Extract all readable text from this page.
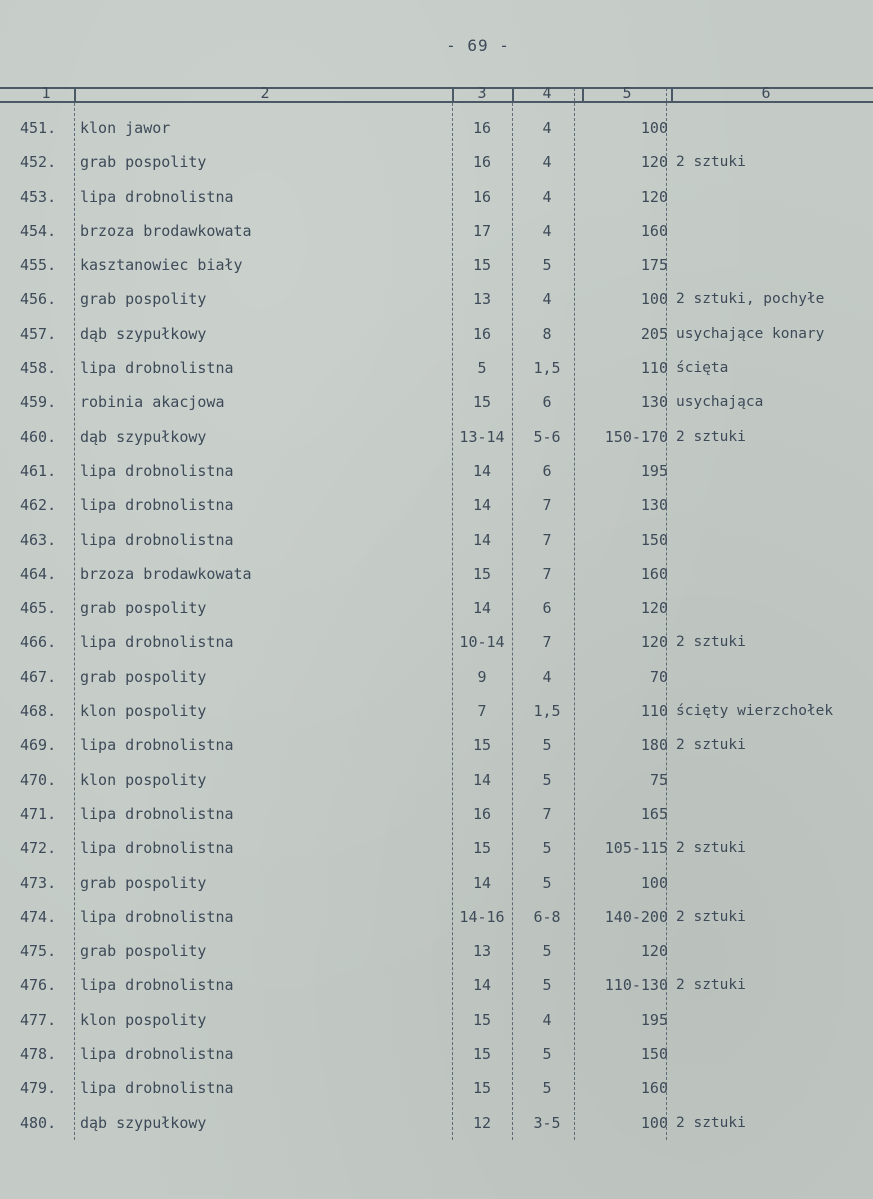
- 69 -
1	2	3	4	5	6
451.	klon jawor	16	4	100
452.	grab pospolity	16	4	120 2 sztuki
453.	lipa drobnolistna	16	4	120
454.	brzoza brodawkowata	17	4	160
455.	kasztanowiec biały	15	5	175
456.	grab pospolity	13	4	100 2 sztuki, pochyłe
457.	dąb szypułkowy	16	8	205 usychające konary
458.	lipa drobnolistna	5	1,5	110 ścięta
459.	robinia akacjowa	15	6	130 usychająca
460.	dąb szypułkowy	13-14	5-6	150-170 2 sztuki
461.	lipa drobnolistna	14	6	195
462.	lipa drobnolistna	14	7	130
463.	lipa drobnolistna	14	7	150
464.	brzoza brodawkowata	15	7	160
465.	grab pospolity	14	6	120
466.	lipa drobnolistna	10-14	7	120 2 sztuki
467.	grab pospolity	9	4	70
468.	klon pospolity	7	1,5	110 ścięty wierzchołek
469.	lipa drobnolistna	15	5	180 2 sztuki
470.	klon pospolity	14	5	75
471.	lipa drobnolistna	16	7	165
472.	lipa drobnolistna	15	5	105-115 2 sztuki
473.	grab pospolity	14	5	100
474.	lipa drobnolistna	14-16	6-8	140-200 2 sztuki
475.	grab pospolity	13	5	120
476.	lipa drobnolistna	14	5	110-130 2 sztuki
477.	klon pospolity	15	4	195
478.	lipa drobnolistna	15	5	150
479.	lipa drobnolistna	15	5	160
480.	dąb szypułkowy	12	3-5	100 2 sztuki
